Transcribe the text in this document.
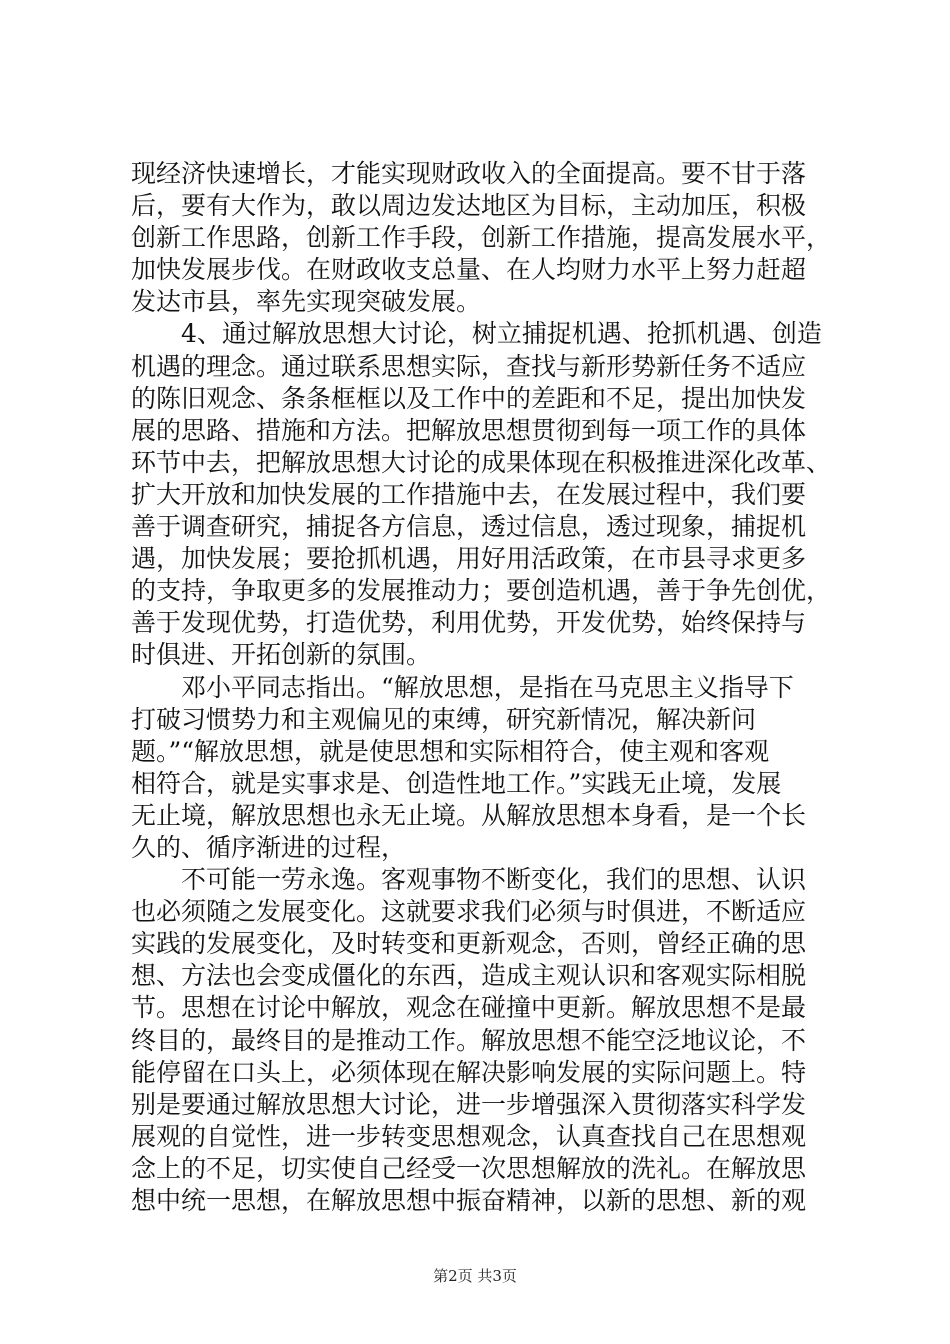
现经济快速增长，才能实现财政收入的全面提高。要不甘于落
后，要有大作为，敢以周边发达地区为目标，主动加压，积极
创新工作思路，创新工作手段，创新工作措施，提高发展水平，
加快发展步伐。在财政收支总量、在人均财力水平上努力赶超
发达市县，率先实现突破发展。
　　4、通过解放思想大讨论，树立捕捉机遇、抢抓机遇、创造
机遇的理念。通过联系思想实际，查找与新形势新任务不适应
的陈旧观念、条条框框以及工作中的差距和不足，提出加快发
展的思路、措施和方法。把解放思想贯彻到每一项工作的具体
环节中去，把解放思想大讨论的成果体现在积极推进深化改革、
扩大开放和加快发展的工作措施中去，在发展过程中，我们要
善于调查研究，捕捉各方信息，透过信息，透过现象，捕捉机
遇，加快发展；要抢抓机遇，用好用活政策，在市县寻求更多
的支持，争取更多的发展推动力；要创造机遇，善于争先创优，
善于发现优势，打造优势，利用优势，开发优势，始终保持与
时俱进、开拓创新的氛围。
　　邓小平同志指出。“解放思想，是指在马克思主义指导下
打破习惯势力和主观偏见的束缚，研究新情况，解决新问
题。”“解放思想，就是使思想和实际相符合，使主观和客观
相符合，就是实事求是、创造性地工作。”实践无止境，发展
无止境，解放思想也永无止境。从解放思想本身看，是一个长
久的、循序渐进的过程，
　　不可能一劳永逸。客观事物不断变化，我们的思想、认识
也必须随之发展变化。这就要求我们必须与时俱进，不断适应
实践的发展变化，及时转变和更新观念，否则，曾经正确的思
想、方法也会变成僵化的东西，造成主观认识和客观实际相脱
节。思想在讨论中解放，观念在碰撞中更新。解放思想不是最
终目的，最终目的是推动工作。解放思想不能空泛地议论，不
能停留在口头上，必须体现在解决影响发展的实际问题上。特
别是要通过解放思想大讨论，进一步增强深入贯彻落实科学发
展观的自觉性，进一步转变思想观念，认真查找自己在思想观
念上的不足，切实使自己经受一次思想解放的洗礼。在解放思
想中统一思想，在解放思想中振奋精神，以新的思想、新的观
第2页 共3页
